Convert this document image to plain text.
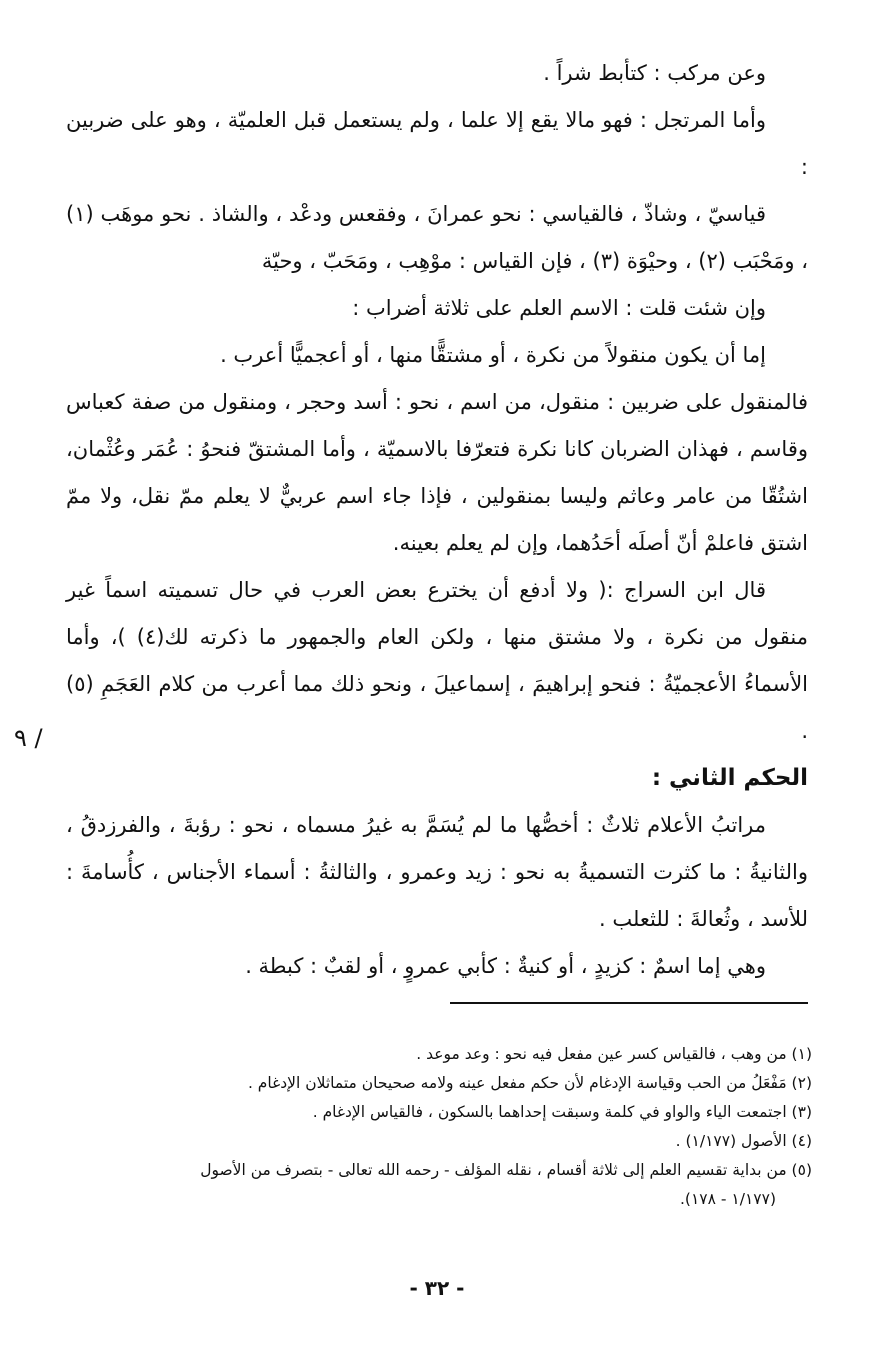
وعن مركب : كتأبط شراً .

وأما المرتجل : فهو مالا يقع إلا علما ، ولم يستعمل قبل العلميّة ، وهو على ضربين :

قياسيّ ، وشاذّ ، فالقياسي : نحو عمرانَ ، وفقعس ودعْد ، والشاذ . نحو موهَب (١) ، ومَحْبَب (٢) ، وحيْوَة (٣) ، فإن القياس : موْهِب ، ومَحَبّ ، وحيّة

وإن شئت قلت : الاسم العلم على ثلاثة أضراب :

إما أن يكون منقولاً من نكرة ، أو مشتقًّا منها ، أو أعجميًّا أعرب .

فالمنقول على ضربين : منقول، من اسم ، نحو : أسد وحجر ، ومنقول من صفة كعباس وقاسم ، فهذان الضربان كانا نكرة فتعرّفا بالاسميّة ، وأما المشتقّ فنحوُ : عُمَر وعُثْمان، اشتُقّا من عامر وعاثم وليسا بمنقولين ، فإذا جاء اسم عربيٌّ لا يعلم ممّ نقل، ولا ممّ اشتق فاعلمْ أنّ أصلَه أحَدُهما، وإن لم يعلم بعينه.

قال ابن السراج :( ولا أدفع أن يخترع بعض العرب في حال تسميته اسماً غير منقول من نكرة ، ولا مشتق منها ، ولكن العام والجمهور ما ذكرته لك(٤) )، وأما الأسماءُ الأعجميّةُ : فنحو إبراهيمَ ، إسماعيلَ ، ونحو ذلك مما أعرب من كلام العَجَمِ (٥) .

الحكم الثاني :

مراتبُ الأعلام ثلاثٌ : أخصُّها ما لم يُسَمَّ به غيرُ مسماه ، نحو : رؤبةَ ، والفرزدقُ ، والثانيةُ : ما كثرت التسميةُ به نحو : زيد وعمرو ، والثالثةُ : أسماء الأجناس ، كأُسامةَ : للأسد ، وثُعالةَ : للثعلب .

وهي إما اسمٌ : كزيدٍ ، أو كنيةٌ : كأبي عمروٍ ، أو لقبٌ : كبطة .

٩ /

(١) من وهب ، فالقياس كسر عين مفعل فيه نحو : وعد موعد .

(٢) مَفْعَلُ من الحب وقياسة الإدغام لأن حكم مفعل عينه ولامه صحيحان متماثلان الإدغام .

(٣) اجتمعت الياء والواو في كلمة وسبقت إحداهما بالسكون ، فالقياس الإدغام .

(٤) الأصول (١/١٧٧) .

(٥) من بداية تقسيم العلم إلى ثلاثة أقسام ، نقله المؤلف - رحمه الله تعالى - بتصرف من الأصول

(١/١٧٧ - ١٧٨).

- ٣٢ -
